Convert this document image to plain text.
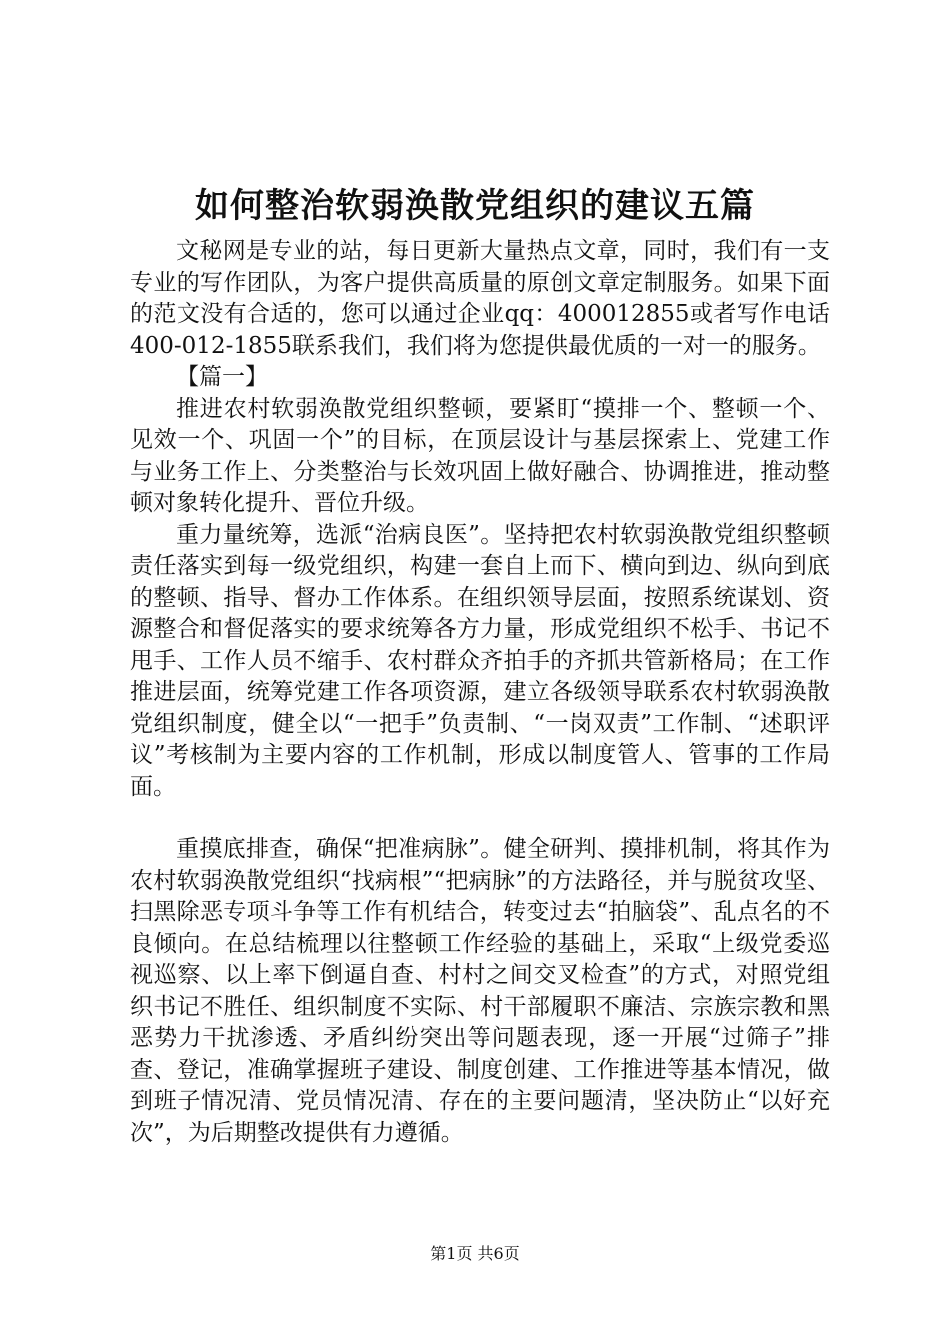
如何整治软弱涣散党组织的建议五篇

文秘网是专业的站，每日更新大量热点文章，同时，我们有一支专业的写作团队，为客户提供高质量的原创文章定制服务。如果下面的范文没有合适的，您可以通过企业qq：400012855或者写作电话400-012-1855联系我们，我们将为您提供最优质的一对一的服务。

【篇一】

推进农村软弱涣散党组织整顿，要紧盯“摸排一个、整顿一个、见效一个、巩固一个”的目标，在顶层设计与基层探索上、党建工作与业务工作上、分类整治与长效巩固上做好融合、协调推进，推动整顿对象转化提升、晋位升级。

重力量统筹，选派“治病良医”。坚持把农村软弱涣散党组织整顿责任落实到每一级党组织，构建一套自上而下、横向到边、纵向到底的整顿、指导、督办工作体系。在组织领导层面，按照系统谋划、资源整合和督促落实的要求统筹各方力量，形成党组织不松手、书记不甩手、工作人员不缩手、农村群众齐拍手的齐抓共管新格局；在工作推进层面，统筹党建工作各项资源，建立各级领导联系农村软弱涣散党组织制度，健全以“一把手”负责制、“一岗双责”工作制、“述职评议”考核制为主要内容的工作机制，形成以制度管人、管事的工作局面。

重摸底排查，确保“把准病脉”。健全研判、摸排机制，将其作为农村软弱涣散党组织“找病根”“把病脉”的方法路径，并与脱贫攻坚、扫黑除恶专项斗争等工作有机结合，转变过去“拍脑袋”、乱点名的不良倾向。在总结梳理以往整顿工作经验的基础上，采取“上级党委巡视巡察、以上率下倒逼自查、村村之间交叉检查”的方式，对照党组织书记不胜任、组织制度不实际、村干部履职不廉洁、宗族宗教和黑恶势力干扰渗透、矛盾纠纷突出等问题表现，逐一开展“过筛子”排查、登记，准确掌握班子建设、制度创建、工作推进等基本情况，做到班子情况清、党员情况清、存在的主要问题清，坚决防止“以好充次”，为后期整改提供有力遵循。

第1页 共6页
